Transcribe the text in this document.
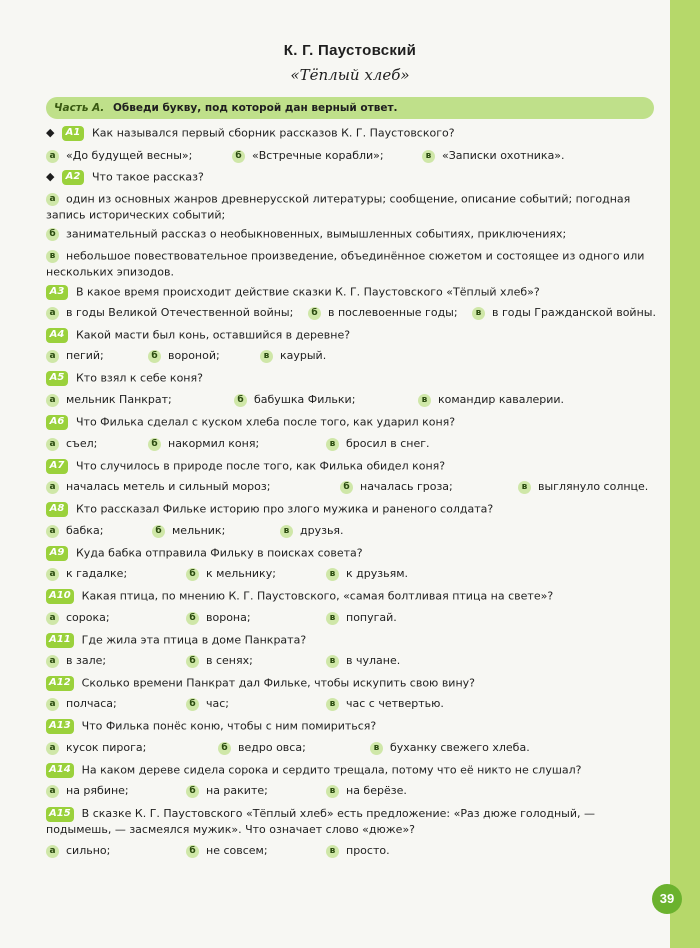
К. Г. Паустовский
«Тёплый хлеб»
Часть А. Обведи букву, под которой дан верный ответ.
◆ А1 Как назывался первый сборник рассказов К. Г. Паустовского?
а «До будущей весны»;	б «Встречные корабли»;	в «Записки охотника».
◆ А2 Что такое рассказ?
а один из основных жанров древнерусской литературы; сообщение, описание событий; погодная запись исторических событий;
б занимательный рассказ о необыкновенных, вымышленных событиях, приключениях;
в небольшое повествовательное произведение, объединённое сюжетом и состоящее из одного или нескольких эпизодов.
А3 В какое время происходит действие сказки К. Г. Паустовского «Тёплый хлеб»?
а в годы Великой Отечественной войны;	б в послевоенные годы;	в в годы Гражданской войны.
А4 Какой масти был конь, оставшийся в деревне?
а пегий;	б вороной;	в каурый.
А5 Кто взял к себе коня?
а мельник Панкрат;	б бабушка Фильки;	в командир кавалерии.
А6 Что Филька сделал с куском хлеба после того, как ударил коня?
а съел;	б накормил коня;	в бросил в снег.
А7 Что случилось в природе после того, как Филька обидел коня?
а началась метель и сильный мороз;	б началась гроза;	в выглянуло солнце.
А8 Кто рассказал Фильке историю про злого мужика и раненого солдата?
а бабка;	б мельник;	в друзья.
А9 Куда бабка отправила Фильку в поисках совета?
а к гадалке;	б к мельнику;	в к друзьям.
А10 Какая птица, по мнению К. Г. Паустовского, «самая болтливая птица на свете»?
а сорока;	б ворона;	в попугай.
А11 Где жила эта птица в доме Панкрата?
а в зале;	б в сенях;	в в чулане.
А12 Сколько времени Панкрат дал Фильке, чтобы искупить свою вину?
а полчаса;	б час;	в час с четвертью.
А13 Что Филька понёс коню, чтобы с ним помириться?
а кусок пирога;	б ведро овса;	в буханку свежего хлеба.
А14 На каком дереве сидела сорока и сердито трещала, потому что её никто не слушал?
а на рябине;	б на раките;	в на берёзе.
А15 В сказке К. Г. Паустовского «Тёплый хлеб» есть предложение: «Раз дюже голодный, — подымешь, — засмеялся мужик». Что означает слово «дюже»?
а сильно;	б не совсем;	в просто.
39
